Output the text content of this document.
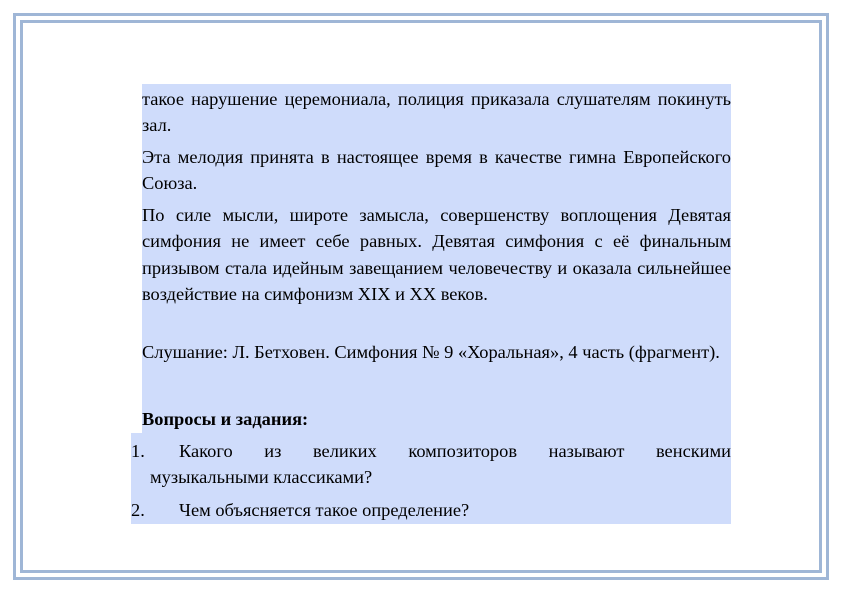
такое нарушение церемониала, полиция приказала слушателям покинуть зал.

Эта мелодия принята в настоящее время в качестве гимна Европейского Союза.

По силе мысли, широте замысла, совершенству воплощения Девятая симфония не имеет себе равных. Девятая симфония с её финальным призывом стала идейным завещанием человечеству и оказала сильнейшее воздействие на симфонизм XIX и XX веков.

Слушание: Л. Бетховен. Симфония № 9 «Хоральная», 4 часть (фрагмент).

Вопросы и задания:
1. Какого из великих композиторов называют венскими
музыкальными классиками?

2. Чем объясняется такое определение?
